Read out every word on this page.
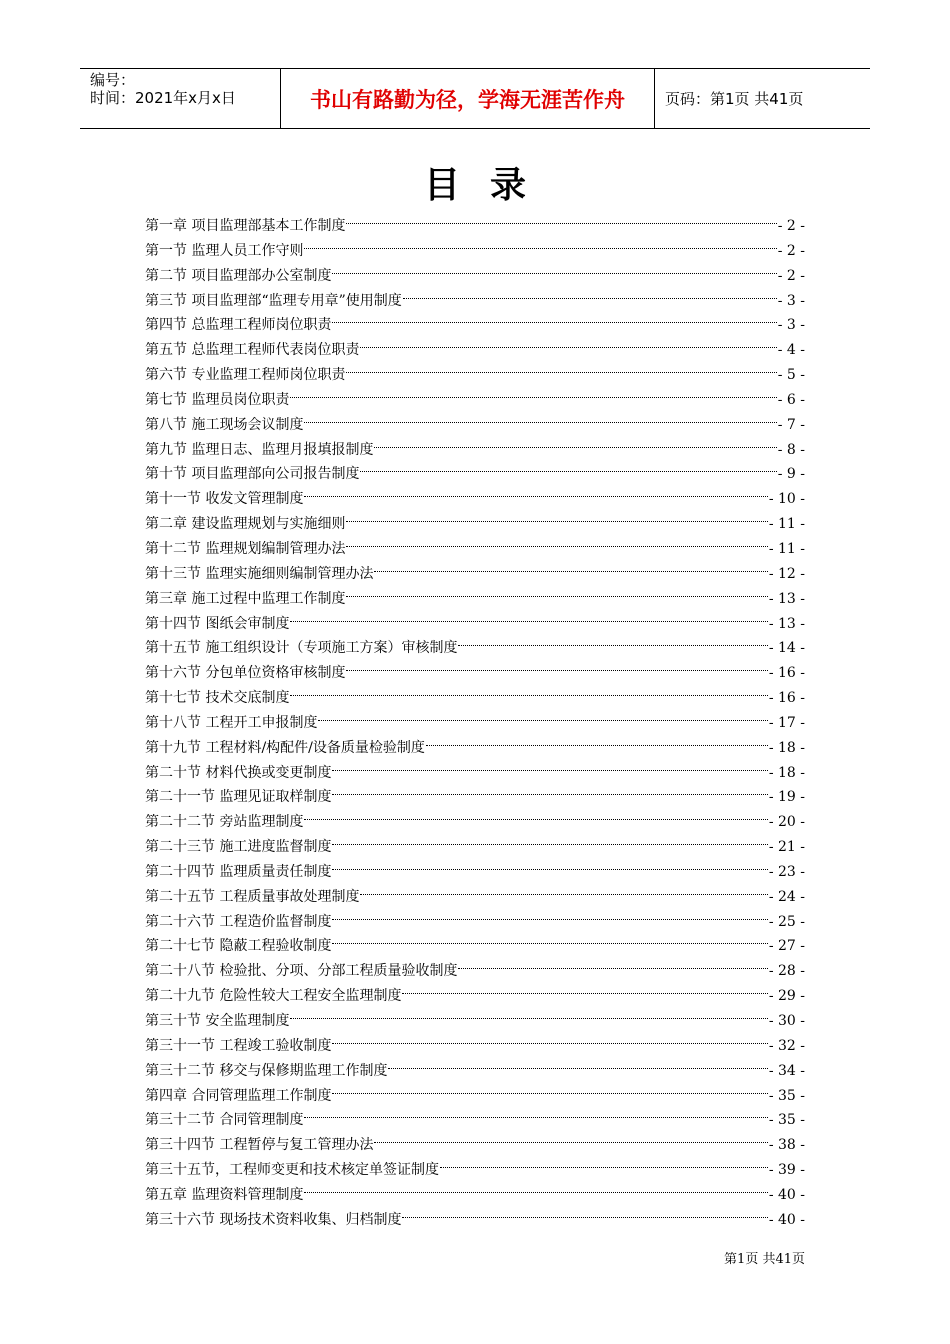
编号：
时间：2021年x月x日	书山有路勤为径，学海无涯苦作舟	页码：第1页 共41页
目录
第一章 项目监理部基本工作制度	- 2 -
第一节 监理人员工作守则	- 2 -
第二节 项目监理部办公室制度	- 2 -
第三节 项目监理部“监理专用章”使用制度	- 3 -
第四节 总监理工程师岗位职责	- 3 -
第五节 总监理工程师代表岗位职责	- 4 -
第六节 专业监理工程师岗位职责	- 5 -
第七节 监理员岗位职责	- 6 -
第八节 施工现场会议制度	- 7 -
第九节 监理日志、监理月报填报制度	- 8 -
第十节 项目监理部向公司报告制度	- 9 -
第十一节 收发文管理制度	- 10 -
第二章 建设监理规划与实施细则	- 11 -
第十二节 监理规划编制管理办法	- 11 -
第十三节 监理实施细则编制管理办法	- 12 -
第三章 施工过程中监理工作制度	- 13 -
第十四节 图纸会审制度	- 13 -
第十五节 施工组织设计（专项施工方案）审核制度	- 14 -
第十六节 分包单位资格审核制度	- 16 -
第十七节 技术交底制度	- 16 -
第十八节 工程开工申报制度	- 17 -
第十九节 工程材料/构配件/设备质量检验制度	- 18 -
第二十节 材料代换或变更制度	- 18 -
第二十一节 监理见证取样制度	- 19 -
第二十二节 旁站监理制度	- 20 -
第二十三节 施工进度监督制度	- 21 -
第二十四节 监理质量责任制度	- 23 -
第二十五节 工程质量事故处理制度	- 24 -
第二十六节 工程造价监督制度	- 25 -
第二十七节 隐蔽工程验收制度	- 27 -
第二十八节 检验批、分项、分部工程质量验收制度	- 28 -
第二十九节 危险性较大工程安全监理制度	- 29 -
第三十节 安全监理制度	- 30 -
第三十一节 工程竣工验收制度	- 32 -
第三十二节 移交与保修期监理工作制度	- 34 -
第四章 合同管理监理工作制度	- 35 -
第三十二节 合同管理制度	- 35 -
第三十四节 工程暂停与复工管理办法	- 38 -
第三十五节，工程师变更和技术核定单签证制度	- 39 -
第五章 监理资料管理制度	- 40 -
第三十六节 现场技术资料收集、归档制度	- 40 -
第1页 共41页
